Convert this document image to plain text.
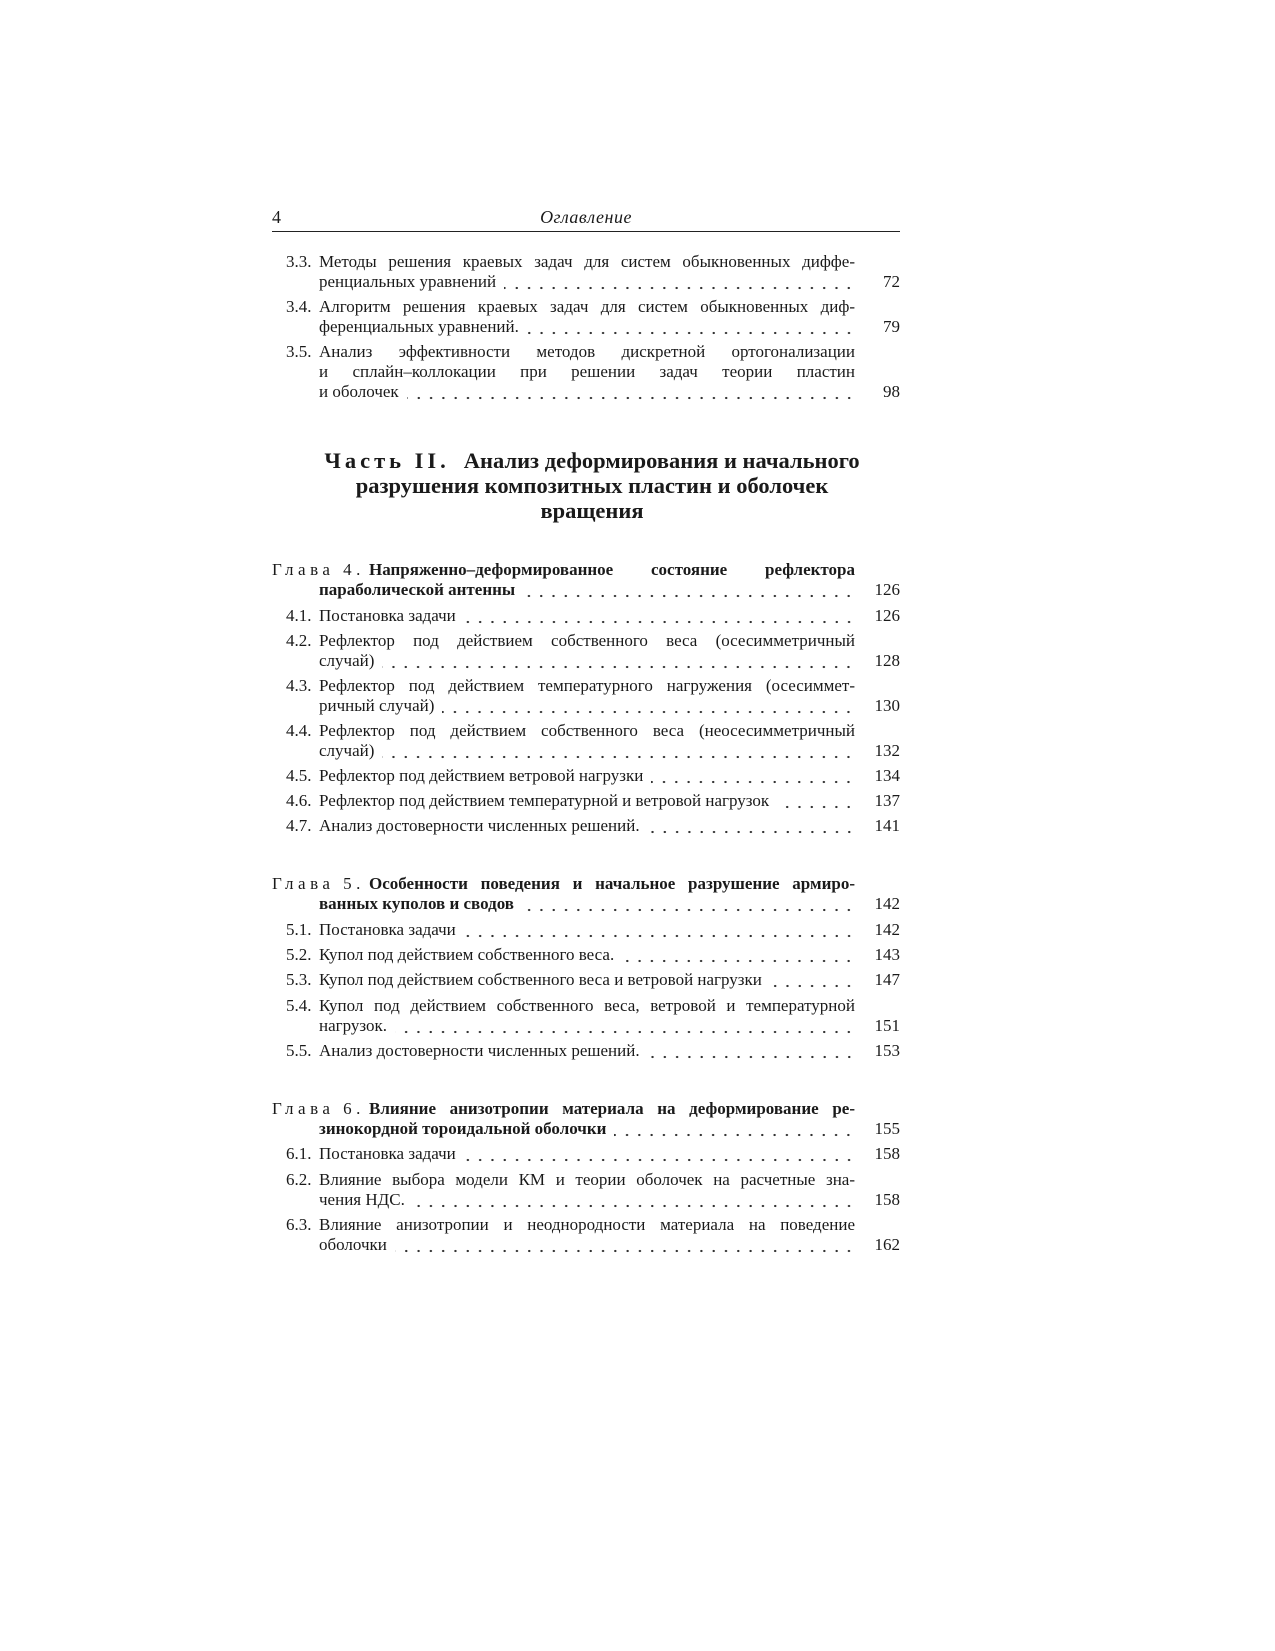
4	Оглавление
Часть II. Анализ деформирования и начального
разрушения композитных пластин и оболочек
вращения
3.3. Методы решения краевых задач для систем обыкновенных диффе-
ренциальных уравнений	72
3.4. Алгоритм решения краевых задач для систем обыкновенных диф-
ференциальных уравнений.	79
3.5. Анализ эффективности методов дискретной ортогонализации
и сплайн–коллокации при решении задач теории пластин
и оболочек	98
Глава 4. Напряженно–деформированное состояние рефлектора
параболической антенны	126
4.1. Постановка задачи	126
4.2. Рефлектор под действием собственного веса (осесимметричный
случай)	128
4.3. Рефлектор под действием температурного нагружения (осесиммет-
ричный случай)	130
4.4. Рефлектор под действием собственного веса (неосесимметричный
случай)	132
4.5. Рефлектор под действием ветровой нагрузки	134
4.6. Рефлектор под действием температурной и ветровой нагрузок	137
4.7. Анализ достоверности численных решений.	141
Глава 5. Особенности поведения и начальное разрушение армиро-
ванных куполов и сводов	142
5.1. Постановка задачи	142
5.2. Купол под действием собственного веса.	143
5.3. Купол под действием собственного веса и ветровой нагрузки	147
5.4. Купол под действием собственного веса, ветровой и температурной
нагрузок.	151
5.5. Анализ достоверности численных решений.	153
Глава 6. Влияние анизотропии материала на деформирование ре-
зинокордной тороидальной оболочки	155
6.1. Постановка задачи	158
6.2. Влияние выбора модели КМ и теории оболочек на расчетные зна-
чения НДС.	158
6.3. Влияние анизотропии и неоднородности материала на поведение
оболочки	162
